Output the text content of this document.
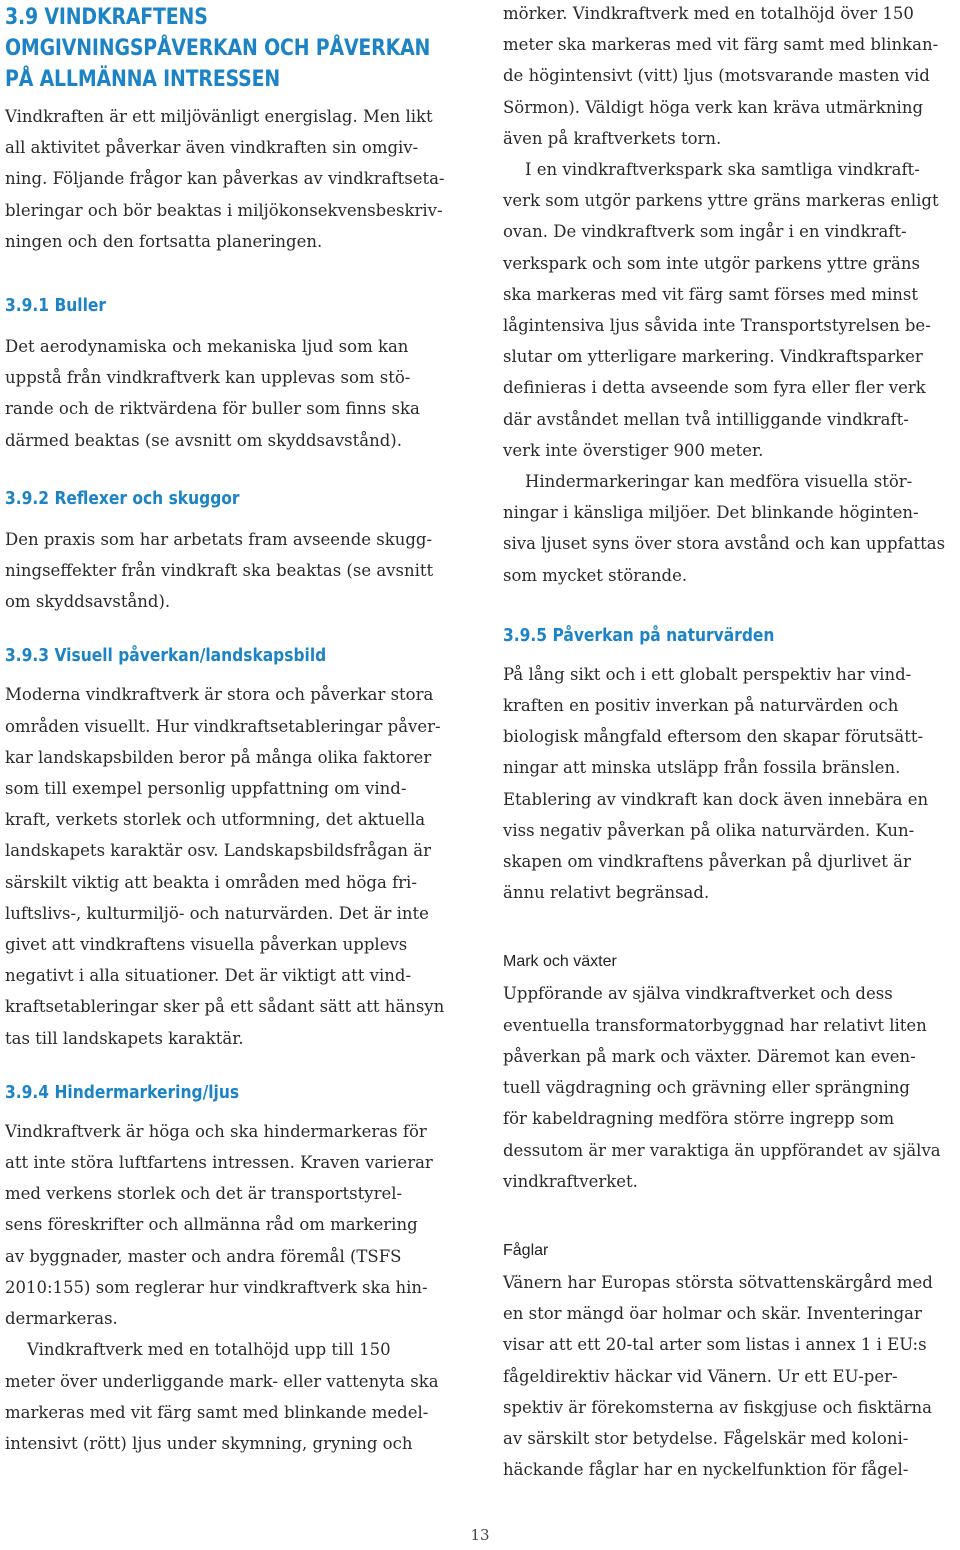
3.9 VINDKRAFTENS
OMGIVNINGSPÅVERKAN OCH PÅVERKAN
PÅ ALLMÄNNA INTRESSEN
Vindkraften är ett miljövänligt energislag. Men likt
all aktivitet påverkar även vindkraften sin omgiv-
ning. Följande frågor kan påverkas av vindkraftseta-
bleringar och bör beaktas i miljökonsekvensbeskriv-
ningen och den fortsatta planeringen.
3.9.1 Buller
Det aerodynamiska och mekaniska ljud som kan
uppstå från vindkraftverk kan upplevas som stö-
rande och de riktvärdena för buller som finns ska
därmed beaktas (se avsnitt om skyddsavstånd).
3.9.2 Reflexer och skuggor
Den praxis som har arbetats fram avseende skugg-
ningseffekter från vindkraft ska beaktas (se avsnitt
om skyddsavstånd).
3.9.3 Visuell påverkan/landskapsbild
Moderna vindkraftverk är stora och påverkar stora
områden visuellt. Hur vindkraftsetableringar påver-
kar landskapsbilden beror på många olika faktorer
som till exempel personlig uppfattning om vind-
kraft, verkets storlek och utformning, det aktuella
landskapets karaktär osv. Landskapsbildsfrågan är
särskilt viktig att beakta i områden med höga fri-
luftslivs-, kulturmiljö- och naturvärden. Det är inte
givet att vindkraftens visuella påverkan upplevs
negativt i alla situationer. Det är viktigt att vind-
kraftsetableringar sker på ett sådant sätt att hänsyn
tas till landskapets karaktär.
3.9.4 Hindermarkering/ljus
Vindkraftverk är höga och ska hindermarkeras för
att inte störa luftfartens intressen. Kraven varierar
med verkens storlek och det är transportstyrel-
sens föreskrifter och allmänna råd om markering
av byggnader, master och andra föremål (TSFS
2010:155) som reglerar hur vindkraftverk ska hin-
dermarkeras.
Vindkraftverk med en totalhöjd upp till 150
meter över underliggande mark- eller vattenyta ska
markeras med vit färg samt med blinkande medel-
intensivt (rött) ljus under skymning, gryning och
mörker. Vindkraftverk med en totalhöjd över 150
meter ska markeras med vit färg samt med blinkan-
de högintensivt (vitt) ljus (motsvarande masten vid
Sörmon). Väldigt höga verk kan kräva utmärkning
även på kraftverkets torn.
I en vindkraftverkspark ska samtliga vindkraft-
verk som utgör parkens yttre gräns markeras enligt
ovan. De vindkraftverk som ingår i en vindkraft-
verkspark och som inte utgör parkens yttre gräns
ska markeras med vit färg samt förses med minst
lågintensiva ljus såvida inte Transportstyrelsen be-
slutar om ytterligare markering. Vindkraftsparker
definieras i detta avseende som fyra eller fler verk
där avståndet mellan två intilliggande vindkraft-
verk inte överstiger 900 meter.
Hindermarkeringar kan medföra visuella stör-
ningar i känsliga miljöer. Det blinkande höginten-
siva ljuset syns över stora avstånd och kan uppfattas
som mycket störande.
3.9.5 Påverkan på naturvärden
På lång sikt och i ett globalt perspektiv har vind-
kraften en positiv inverkan på naturvärden och
biologisk mångfald eftersom den skapar förutsätt-
ningar att minska utsläpp från fossila bränslen.
Etablering av vindkraft kan dock även innebära en
viss negativ påverkan på olika naturvärden. Kun-
skapen om vindkraftens påverkan på djurlivet är
ännu relativt begränsad.
Mark och växter
Uppförande av själva vindkraftverket och dess
eventuella transformatorbyggnad har relativt liten
påverkan på mark och växter. Däremot kan even-
tuell vägdragning och grävning eller sprängning
för kabeldragning medföra större ingrepp som
dessutom är mer varaktiga än uppförandet av själva
vindkraftverket.
Fåglar
Vänern har Europas största sötvattenskärgård med
en stor mängd öar holmar och skär. Inventeringar
visar att ett 20-tal arter som listas i annex 1 i EU:s
fågeldirektiv häckar vid Vänern. Ur ett EU-per-
spektiv är förekomsterna av fiskgjuse och fisktärna
av särskilt stor betydelse. Fågelskär med koloni-
häckande fåglar har en nyckelfunktion för fågel-
13
